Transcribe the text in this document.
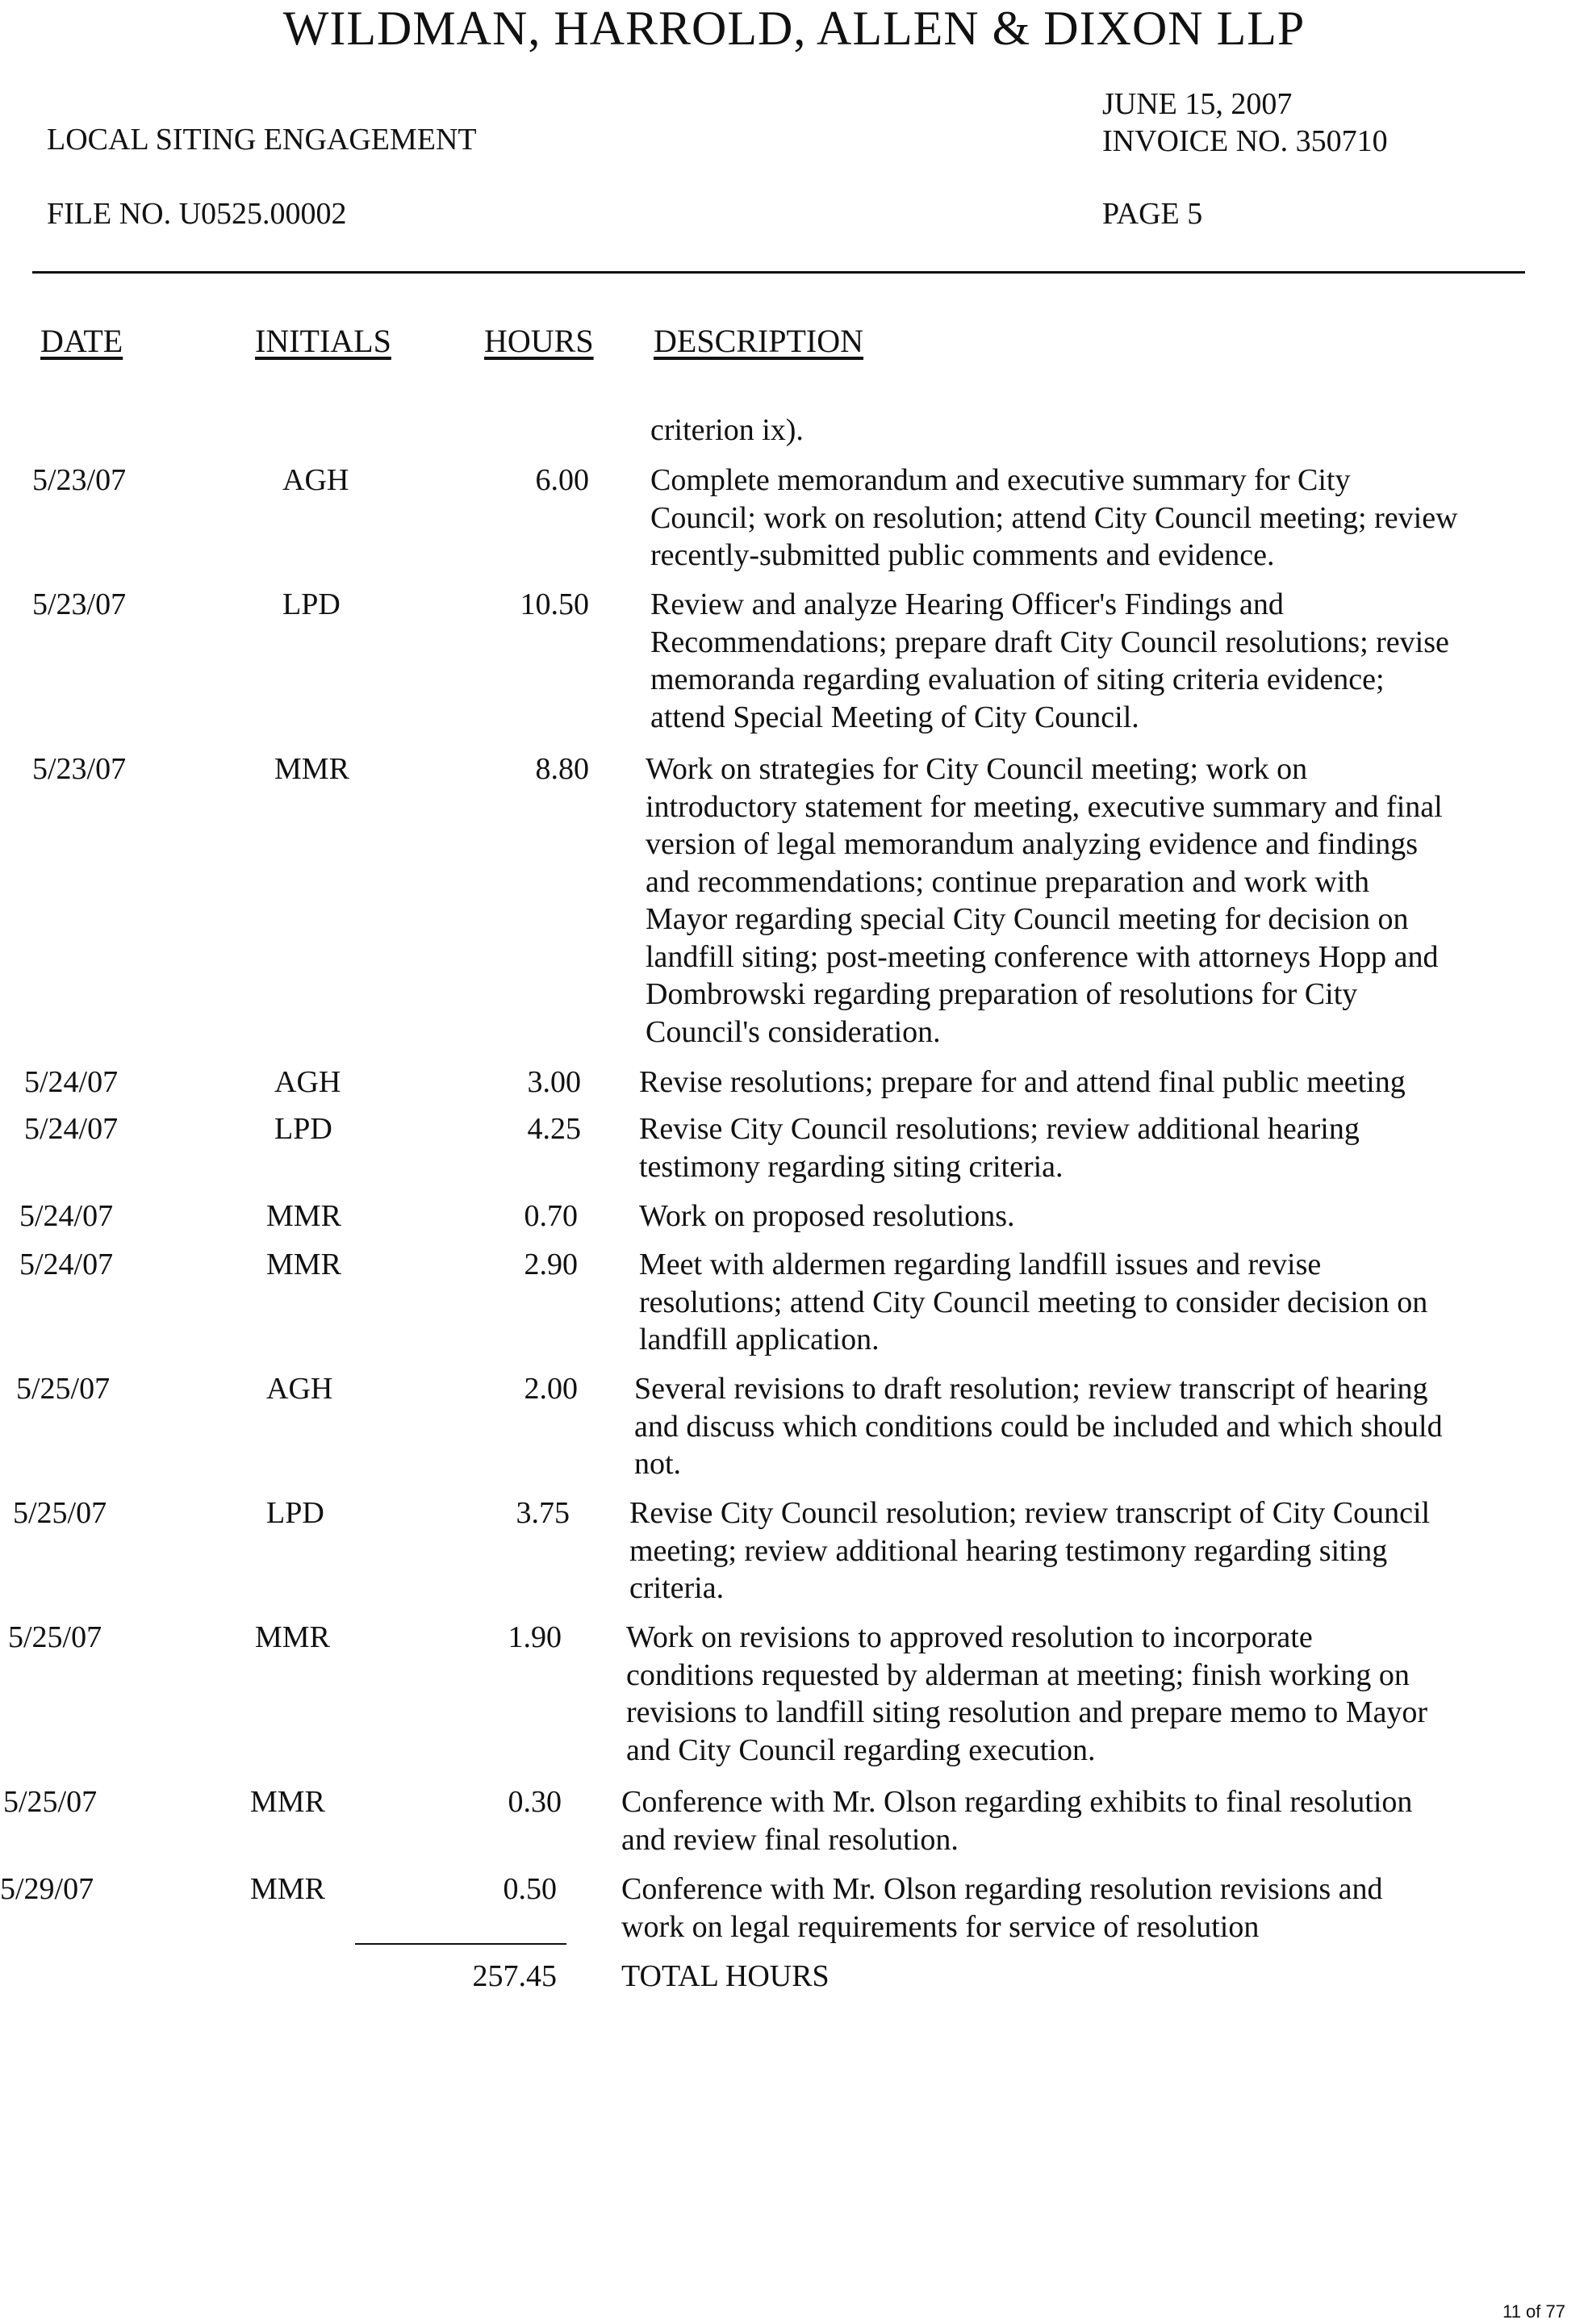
WILDMAN, HARROLD, ALLEN & DIXON LLP
LOCAL SITING ENGAGEMENT
JUNE 15, 2007
INVOICE NO. 350710
FILE NO. U0525.00002	PAGE 5
DATE	INITIALS	HOURS DESCRIPTION
criterion ix).
5/23/07	AGH	6.00 Complete memorandum and executive summary for City
Council; work on resolution; attend City Council meeting; review
recently-submitted public comments and evidence.
5/23/07	LPD	10.50 Review and analyze Hearing Officer's Findings and
Recommendations; prepare draft City Council resolutions; revise
memoranda regarding evaluation of siting criteria evidence;
attend Special Meeting of City Council.
5/23/07	MMR	8.80 Work on strategies for City Council meeting; work on
introductory statement for meeting, executive summary and final
version of legal memorandum analyzing evidence and findings
and recommendations; continue preparation and work with
Mayor regarding special City Council meeting for decision on
landfill siting; post-meeting conference with attorneys Hopp and
Dombrowski regarding preparation of resolutions for City
Council's consideration.
5/24/07	AGH	3.00 Revise resolutions; prepare for and attend final public meeting
5/24/07	LPD	4.25 Revise City Council resolutions; review additional hearing
testimony regarding siting criteria.
5/24/07	MMR	0.70 Work on proposed resolutions.
5/24/07	MMR	2.90 Meet with aldermen regarding landfill issues and revise
resolutions; attend City Council meeting to consider decision on
landfill application.
5/25/07	AGH	2.00 Several revisions to draft resolution; review transcript of hearing
and discuss which conditions could be included and which should
not.
5/25/07	LPD	3.75 Revise City Council resolution; review transcript of City Council
meeting; review additional hearing testimony regarding siting
criteria.
5/25/07	MMR	1.90 Work on revisions to approved resolution to incorporate
conditions requested by alderman at meeting; finish working on
revisions to landfill siting resolution and prepare memo to Mayor
and City Council regarding execution.
5/25/07	MMR	0.30 Conference with Mr. Olson regarding exhibits to final resolution
and review final resolution.
5/29/07	MMR	0.50 Conference with Mr. Olson regarding resolution revisions and
work on legal requirements for service of resolution
257.45 TOTAL HOURS
11 of 77
